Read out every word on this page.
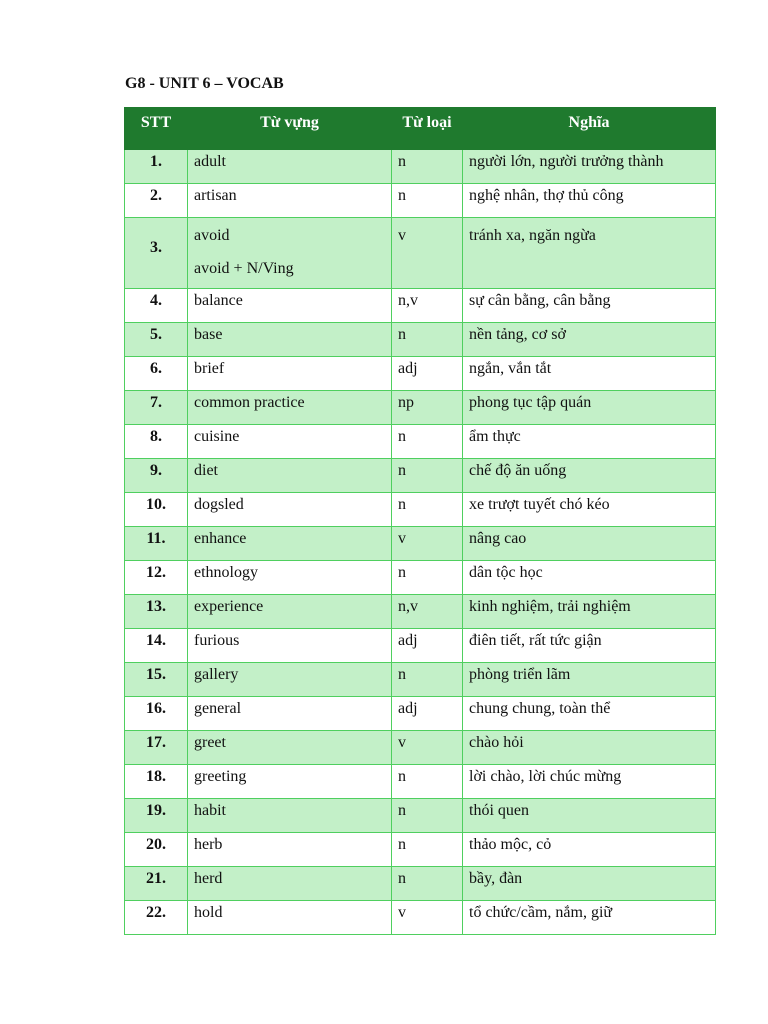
G8 - UNIT 6 – VOCAB
STT	Từ vựng	Từ loại	Nghĩa
1.	adult	n	người lớn, người trưởng thành
2.	artisan	n	nghệ nhân, thợ thủ công
3.	avoid
avoid + N/Ving	v	tránh xa, ngăn ngừa
4.	balance	n,v	sự cân bằng, cân bằng
5.	base	n	nền tảng, cơ sở
6.	brief	adj	ngắn, vắn tắt
7.	common practice	np	phong tục tập quán
8.	cuisine	n	ẩm thực
9.	diet	n	chế độ ăn uống
10.	dogsled	n	xe trượt tuyết chó kéo
11.	enhance	v	nâng cao
12.	ethnology	n	dân tộc học
13.	experience	n,v	kinh nghiệm, trải nghiệm
14.	furious	adj	điên tiết, rất tức giận
15.	gallery	n	phòng triển lãm
16.	general	adj	chung chung, toàn thể
17.	greet	v	chào hỏi
18.	greeting	n	lời chào, lời chúc mừng
19.	habit	n	thói quen
20.	herb	n	thảo mộc, cỏ
21.	herd	n	bầy, đàn
22.	hold	v	tổ chức/cầm, nắm, giữ
